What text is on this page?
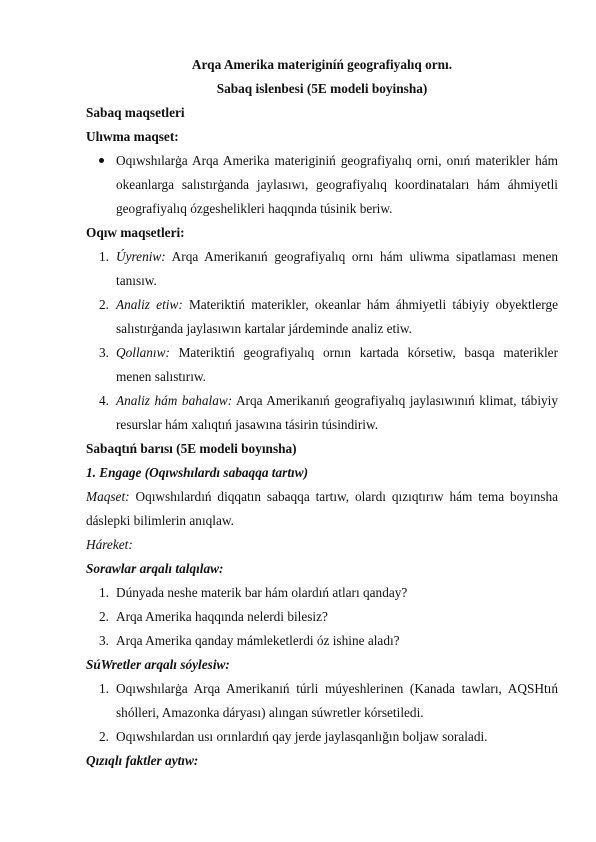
Arqa Amerika materiginíń geografiyalıq ornı.
Sabaq islenbesi (5E modeli boyinsha)
Sabaq maqsetleri
Ulıwma maqset:
Oqıwshılarġa Arqa Amerika materiginiń geografiyalıq orni, onıń materikler hám okeanlarga salıstırġanda jaylasıwı, geografiyalıq koordinataları hám áhmiyetli geografiyalıq ózgeshelikleri haqqında túsinik beriw.
Oqıw maqsetleri:
1. Úyreniw: Arqa Amerikanıń geografiyalıq ornı hám uliwma sipatlaması menen tanısıw.
2. Analiz etiw: Materiktiń materikler, okeanlar hám áhmiyetli tábiyiy obyektlerge salıstırġanda jaylasıwın kartalar járdeminde analiz etiw.
3. Qollanıw: Materiktiń geografiyalıq ornın kartada kórsetiw, basqa materikler menen salıstırıw.
4. Analiz hám bahalaw: Arqa Amerikanıń geografiyalıq jaylasıwınıń klimat, tábiyiy resurslar hám xalıqtıń jasawına tásirin túsindiriw.
Sabaqtıń barısı (5E modeli boyınsha)
1. Engage (Oqıwshılardı sabaqqa tartıw)
Maqset: Oqıwshılardıń diqqatın sabaqqa tartıw, olardı qızıqtırıw hám tema boyınsha dáslepki bilimlerin anıqlaw.
Háreket:
Sorawlar arqalı talqılaw:
1. Dúnyada neshe materik bar hám olardıń atları qanday?
2. Arqa Amerika haqqında nelerdi bilesiz?
3. Arqa Amerika qanday mámleketlerdi óz ishine aladı?
SúWretler arqalı sóylesiw:
1. Oqıwshılarġa Arqa Amerikanıń túrli múyeshlerinen (Kanada tawları, AQSHtıń shólleri, Amazonka dáryası) alıngan súwretler kórsetiledi.
2. Oqıwshılardan usı orınlardıń qay jerde jaylasqanlığın boljaw soraladi.
Qızıqlı faktler aytıw:
